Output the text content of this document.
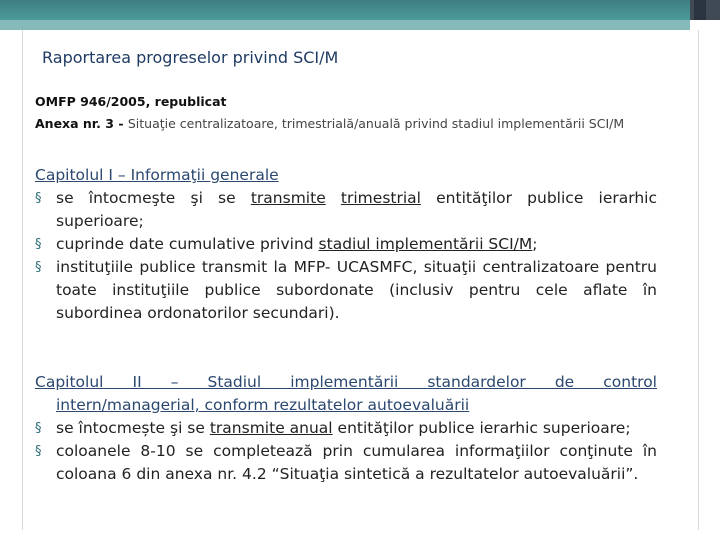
Raportarea progreselor privind SCI/M
OMFP 946/2005, republicat
Anexa nr. 3 - Situaţie centralizatoare, trimestrială/anuală privind stadiul implementării SCI/M
Capitolul I – Informaţii generale
§ se întocmeşte şi se transmite trimestrial entităţilor publice ierarhic superioare;
§ cuprinde date cumulative privind stadiul implementării SCI/M;
§ instituţiile publice transmit la MFP- UCASMFC, situaţii centralizatoare pentru toate instituţiile publice subordonate (inclusiv pentru cele aflate în subordinea ordonatorilor secundari).
Capitolul II – Stadiul implementării standardelor de control
intern/managerial, conform rezultatelor autoevaluării
§ se întocmește şi se transmite anual entităţilor publice ierarhic superioare;
§ coloanele 8-10 se completează prin cumularea informaţiilor conţinute în coloana 6 din anexa nr. 4.2 “Situaţia sintetică a rezultatelor autoevaluării”.
